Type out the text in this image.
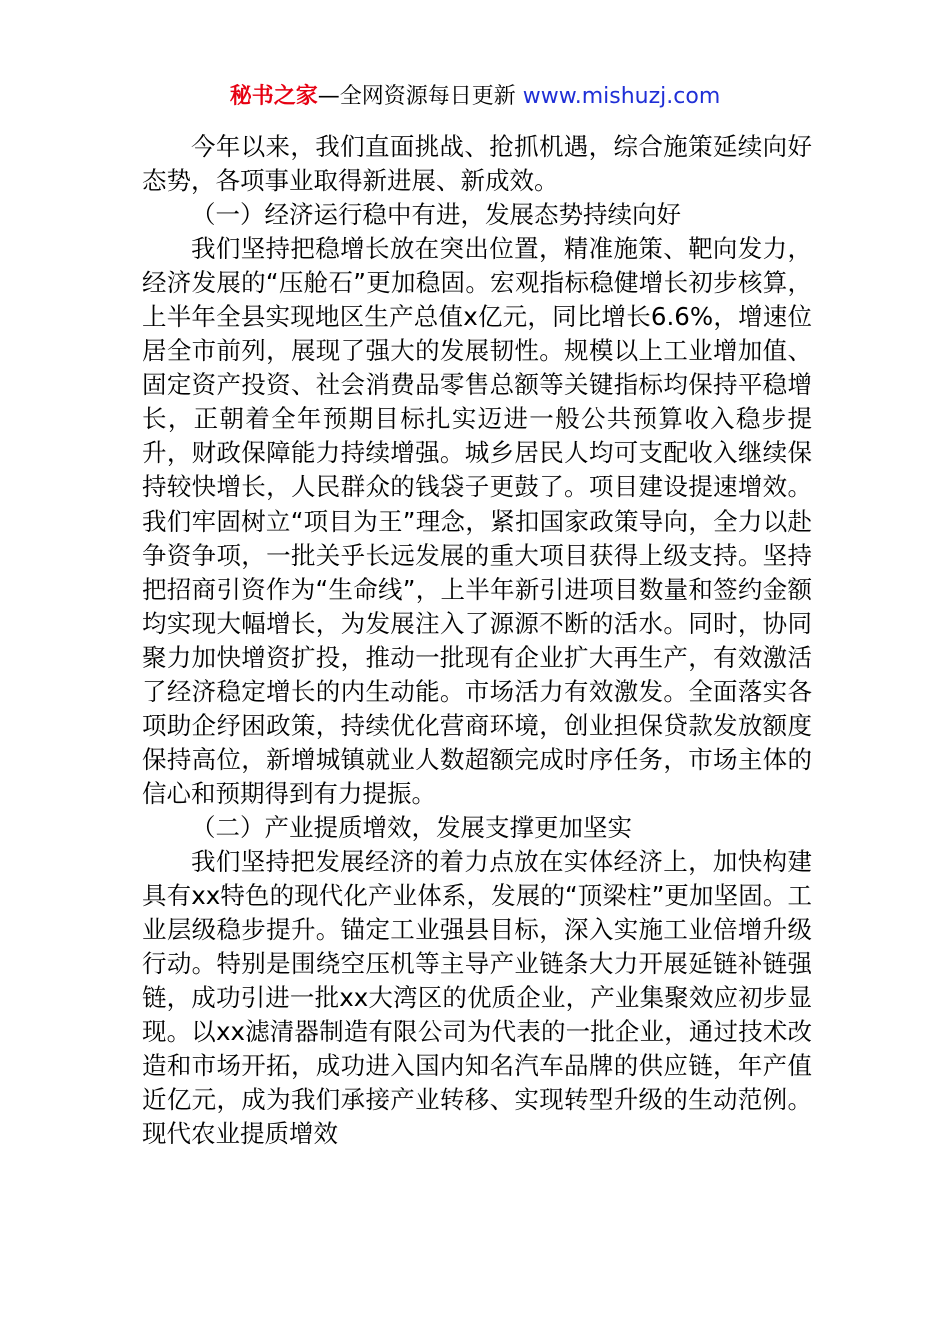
秘书之家—全网资源每日更新 www.mishuzj.com

今年以来，我们直面挑战、抢抓机遇，综合施策延续向好态势，各项事业取得新进展、新成效。

（一）经济运行稳中有进，发展态势持续向好

我们坚持把稳增长放在突出位置，精准施策、靶向发力，经济发展的“压舱石”更加稳固。宏观指标稳健增长初步核算，上半年全县实现地区生产总值x亿元，同比增长6.6%，增速位居全市前列，展现了强大的发展韧性。规模以上工业增加值、固定资产投资、社会消费品零售总额等关键指标均保持平稳增长，正朝着全年预期目标扎实迈进一般公共预算收入稳步提升，财政保障能力持续增强。城乡居民人均可支配收入继续保持较快增长，人民群众的钱袋子更鼓了。项目建设提速增效。我们牢固树立“项目为王”理念，紧扣国家政策导向，全力以赴争资争项，一批关乎长远发展的重大项目获得上级支持。坚持把招商引资作为“生命线”，上半年新引进项目数量和签约金额均实现大幅增长，为发展注入了源源不断的活水。同时，协同聚力加快增资扩投，推动一批现有企业扩大再生产，有效激活了经济稳定增长的内生动能。市场活力有效激发。全面落实各项助企纾困政策，持续优化营商环境，创业担保贷款发放额度保持高位，新增城镇就业人数超额完成时序任务，市场主体的信心和预期得到有力提振。

（二）产业提质增效，发展支撑更加坚实

我们坚持把发展经济的着力点放在实体经济上，加快构建具有xx特色的现代化产业体系，发展的“顶梁柱”更加坚固。工业层级稳步提升。锚定工业强县目标，深入实施工业倍增升级行动。特别是围绕空压机等主导产业链条大力开展延链补链强链，成功引进一批xx大湾区的优质企业，产业集聚效应初步显现。以xx滤清器制造有限公司为代表的一批企业，通过技术改造和市场开拓，成功进入国内知名汽车品牌的供应链，年产值近亿元，成为我们承接产业转移、实现转型升级的生动范例。现代农业提质增效
